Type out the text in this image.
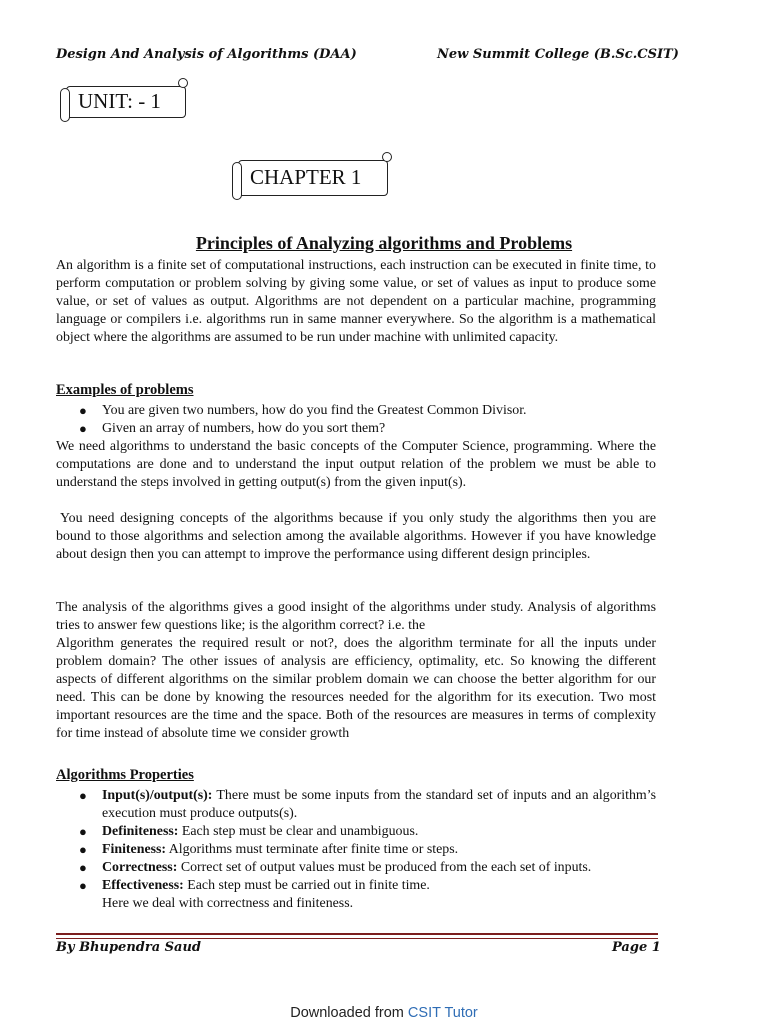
Design And Analysis of Algorithms (DAA)	New Summit College (B.Sc.CSIT)
UNIT: - 1
CHAPTER 1
Principles of Analyzing algorithms and Problems

An algorithm is a finite set of computational instructions, each instruction can be executed in finite time, to perform computation or problem solving by giving some value, or set of values as input to produce some value, or set of values as output. Algorithms are not dependent on a particular machine, programming language or compilers i.e. algorithms run in same manner everywhere. So the algorithm is a mathematical object where the algorithms are assumed to be run under machine with unlimited capacity.

Examples of problems

● You are given two numbers, how do you find the Greatest Common Divisor.
● Given an array of numbers, how do you sort them?

We need algorithms to understand the basic concepts of the Computer Science, programming. Where the computations are done and to understand the input output relation of the problem we must be able to understand the steps involved in getting output(s) from the given input(s).

You need designing concepts of the algorithms because if you only study the algorithms then you are bound to those algorithms and selection among the available algorithms. However if you have knowledge about design then you can attempt to improve the performance using different design principles.

The analysis of the algorithms gives a good insight of the algorithms under study. Analysis of algorithms tries to answer few questions like; is the algorithm correct? i.e. the

Algorithm generates the required result or not?, does the algorithm terminate for all the inputs under problem domain? The other issues of analysis are efficiency, optimality, etc. So knowing the different aspects of different algorithms on the similar problem domain we can choose the better algorithm for our need. This can be done by knowing the resources needed for the algorithm for its execution. Two most important resources are the time and the space. Both of the resources are measures in terms of complexity for time instead of absolute time we consider growth

Algorithms Properties

● Input(s)/output(s): There must be some inputs from the standard set of inputs and an algorithm’s execution must produce outputs(s).
● Definiteness: Each step must be clear and unambiguous.
● Finiteness: Algorithms must terminate after finite time or steps.
● Correctness: Correct set of output values must be produced from the each set of inputs.
● Effectiveness: Each step must be carried out in finite time.
Here we deal with correctness and finiteness.
By Bhupendra Saud	Page 1
Downloaded from CSIT Tutor
